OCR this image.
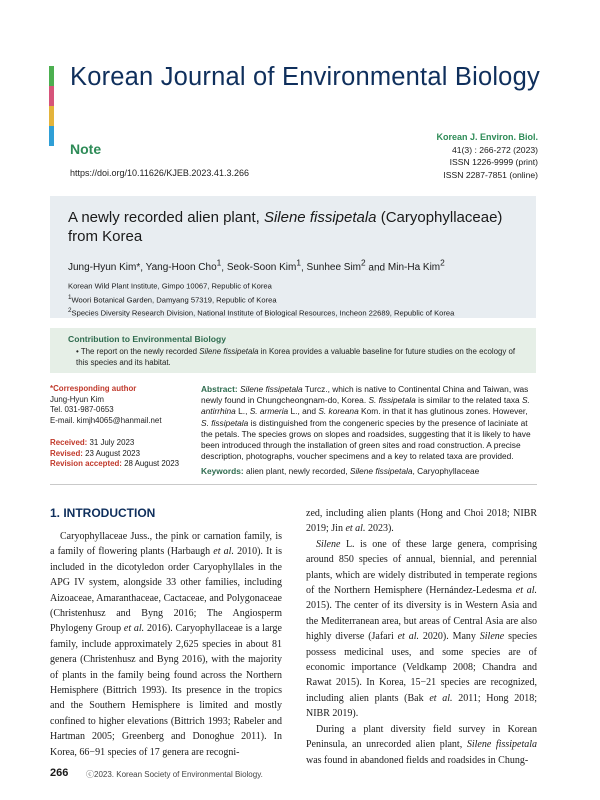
Korean Journal of Environmental Biology
Note
https://doi.org/10.11626/KJEB.2023.41.3.266
Korean J. Environ. Biol.
41(3) : 266-272 (2023)
ISSN 1226-9999 (print)
ISSN 2287-7851 (online)
A newly recorded alien plant, Silene fissipetala (Caryophyllaceae) from Korea
Jung-Hyun Kim*, Yang-Hoon Cho$^1$, Seok-Soon Kim$^1$, Sunhee Sim$^2$ and Min-Ha Kim$^2$
Korean Wild Plant Institute, Gimpo 10067, Republic of Korea
$^1$Woori Botanical Garden, Damyang 57319, Republic of Korea
$^2$Species Diversity Research Division, National Institute of Biological Resources, Incheon 22689, Republic of Korea
Contribution to Environmental Biology
• The report on the newly recorded Silene fissipetala in Korea provides a valuable baseline for future studies on the ecology of this species and its habitat.
*Corresponding author
Jung-Hyun Kim
Tel. 031-987-0653
E-mail. kimjh4065@hanmail.net
Received: 31 July 2023
Revised: 23 August 2023
Revision accepted: 28 August 2023
Abstract: Silene fissipetala Turcz., which is native to Continental China and Taiwan, was newly found in Chungcheongnam-do, Korea. S. fissipetala is similar to the related taxa S. antirrhina L., S. armeria L., and S. koreana Kom. in that it has glutinous zones. However, S. fissipetala is distinguished from the congeneric species by the presence of laciniate at the petals. The species grows on slopes and roadsides, suggesting that it is likely to have been introduced through the installation of green sites and road construction. A precise description, photographs, voucher specimens and a key to related taxa are provided.
Keywords: alien plant, newly recorded, Silene fissipetala, Caryophyllaceae
1. INTRODUCTION

Caryophyllaceae Juss., the pink or carnation family, is a family of flowering plants (Harbaugh et al. 2010). It is included in the dicotyledon order Caryophyllales in the APG IV system, alongside 33 other families, including Aizoaceae, Amaranthaceae, Cactaceae, and Polygonaceae (Christenhusz and Byng 2016; The Angiosperm Phylogeny Group et al. 2016). Caryophyllaceae is a large family, include approximately 2,625 species in about 81 genera (Christenhusz and Byng 2016), with the majority of plants in the family being found across the Northern Hemisphere (Bittrich 1993). Its presence in the tropics and the Southern Hemisphere is limited and mostly confined to higher elevations (Bittrich 1993; Rabeler and Hartman 2005; Greenberg and Donoghue 2011). In Korea, 66−91 species of 17 genera are recogni-

zed, including alien plants (Hong and Choi 2018; NIBR 2019; Jin et al. 2023).

Silene L. is one of these large genera, comprising around 850 species of annual, biennial, and perennial plants, which are widely distributed in temperate regions of the Northern Hemisphere (Hernández-Ledesma et al. 2015). The center of its diversity is in Western Asia and the Mediterranean area, but areas of Central Asia are also highly diverse (Jafari et al. 2020). Many Silene species possess medicinal uses, and some species are of economic importance (Veldkamp 2008; Chandra and Rawat 2015). In Korea, 15−21 species are recognized, including alien plants (Bak et al. 2011; Hong 2018; NIBR 2019).

During a plant diversity field survey in Korean Peninsula, an unrecorded alien plant, Silene fissipetala was found in abandoned fields and roadsides in Chung-

266 ⓒ2023. Korean Society of Environmental Biology.
